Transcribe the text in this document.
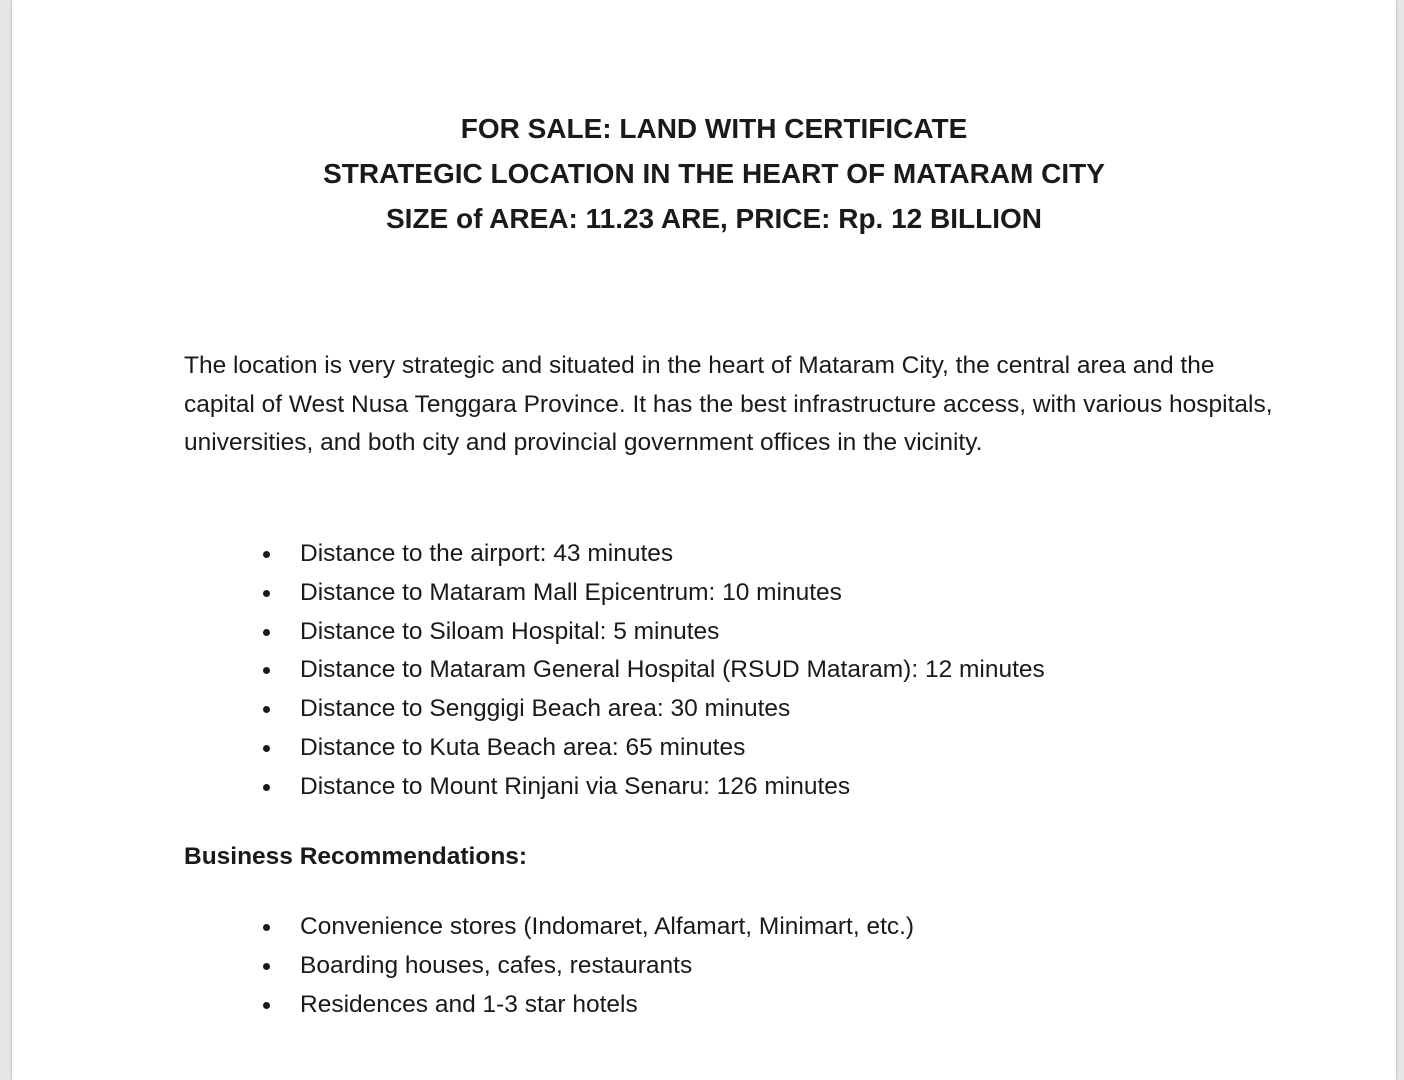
FOR SALE: LAND WITH CERTIFICATE
STRATEGIC LOCATION IN THE HEART OF MATARAM CITY
SIZE of AREA: 11.23 ARE, PRICE: Rp. 12 BILLION

The location is very strategic and situated in the heart of Mataram City, the central area and the capital of West Nusa Tenggara Province. It has the best infrastructure access, with various hospitals, universities, and both city and provincial government offices in the vicinity.

Distance to the airport: 43 minutes
Distance to Mataram Mall Epicentrum: 10 minutes
Distance to Siloam Hospital: 5 minutes
Distance to Mataram General Hospital (RSUD Mataram): 12 minutes
Distance to Senggigi Beach area: 30 minutes
Distance to Kuta Beach area: 65 minutes
Distance to Mount Rinjani via Senaru: 126 minutes
Business Recommendations:
Convenience stores (Indomaret, Alfamart, Minimart, etc.)
Boarding houses, cafes, restaurants
Residences and 1-3 star hotels
